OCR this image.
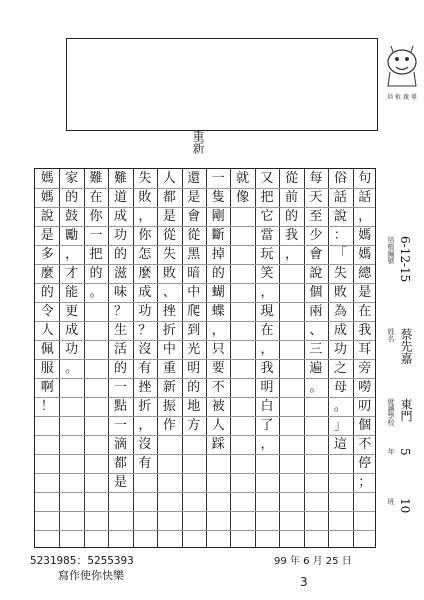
培 植 親 導
重新
句
話
，
媽
媽
總
是
在
我
耳
旁
嘮
叨
個
不
停
；
俗
話
說
：
「
失
敗
為
成
功
之
母
。
」
這
每
天
至
少
會
說
個
兩
、
三
遍
。
從
前
的
我
，
又
把
它
當
玩
笑
，
現
在
，
我
明
白
了
，
就
像
一
隻
剛
斷
掉
的
蝴
蝶
，
只
要
不
被
人
踩
還
是
會
從
黑
暗
中
爬
到
光
明
的
地
方
人
都
是
從
失
敗
、
挫
折
中
重
新
振
作
失
敗
，
你
怎
麼
成
功
？
沒
有
挫
折
，
沒
有
難
道
成
功
的
滋
味
？
生
活
的
一
點
一
滴
都
是
難
在
你
一
把
的
。
家
的
鼓
勵
，
才
能
更
成
功
。
媽
媽
說
是
多
麼
的
令
人
佩
服
啊
！
培植編號 6-12-15
姓名 蔡先嘉
就讀學校 東門
5
年
10
班
5231985：5255393
寫作使你快樂
99 年 6 月 25 日
3
